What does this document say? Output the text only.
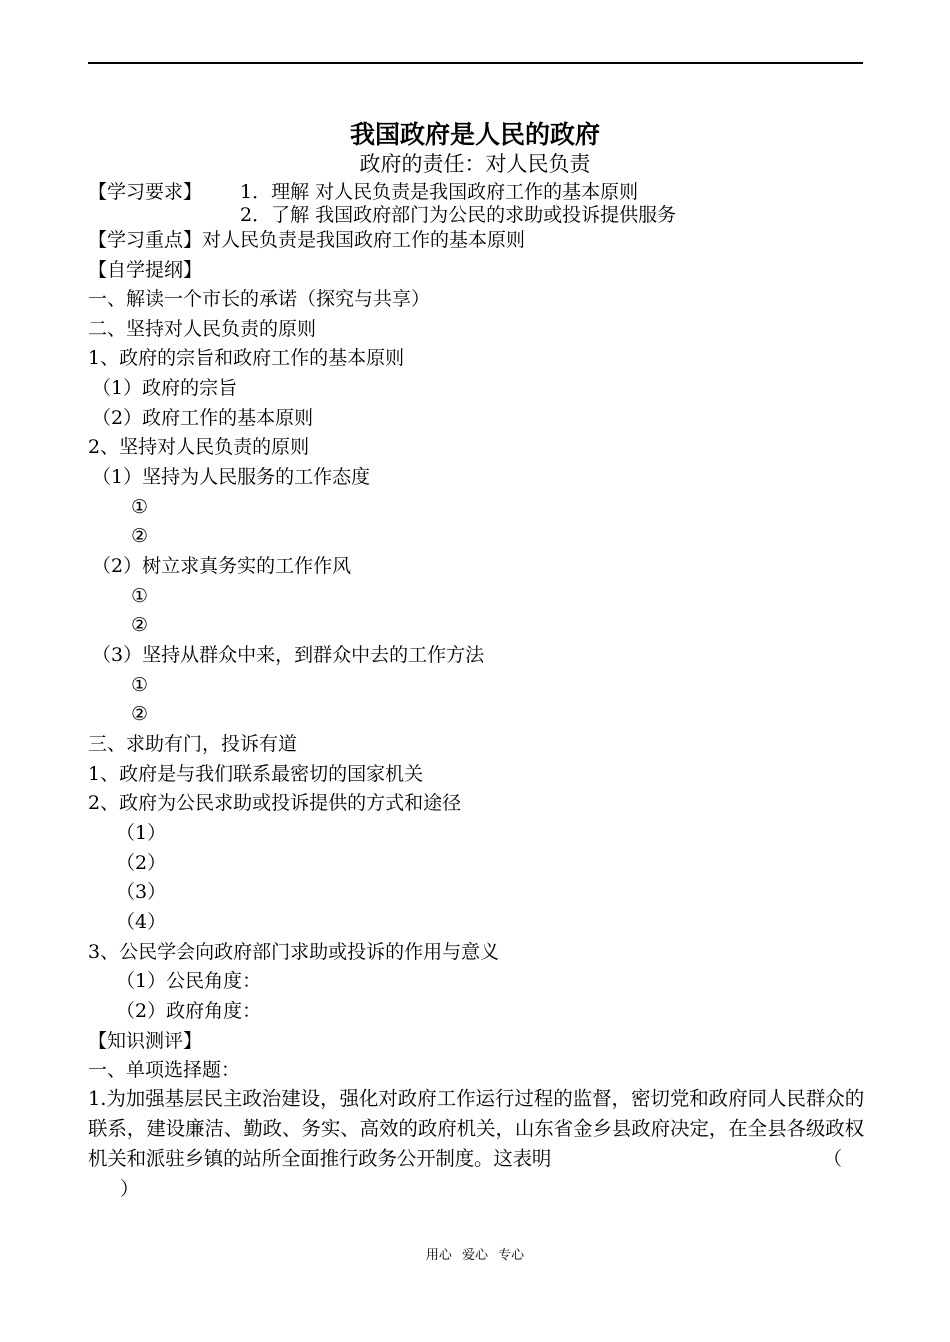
我国政府是人民的政府
政府的责任：对人民负责
【学习要求】 1．理解 对人民负责是我国政府工作的基本原则
2．了解 我国政府部门为公民的求助或投诉提供服务
【学习重点】对人民负责是我国政府工作的基本原则
【自学提纲】
一、解读一个市长的承诺（探究与共享）
二、坚持对人民负责的原则
1、政府的宗旨和政府工作的基本原则
（1）政府的宗旨
（2）政府工作的基本原则
2、坚持对人民负责的原则
（1）坚持为人民服务的工作态度
①
②
（2）树立求真务实的工作作风
①
②
（3）坚持从群众中来，到群众中去的工作方法
①
②
三、求助有门，投诉有道
1、政府是与我们联系最密切的国家机关
2、政府为公民求助或投诉提供的方式和途径
（1）
（2）
（3）
（4）
3、公民学会向政府部门求助或投诉的作用与意义
（1）公民角度：
（2）政府角度：
【知识测评】
一、单项选择题：
1.为加强基层民主政治建设，强化对政府工作运行过程的监督，密切党和政府同人民群众的联系，建设廉洁、勤政、务实、高效的政府机关，山东省金乡县政府决定，在全县各级政权机关和派驻乡镇的站所全面推行政务公开制度。这表明	（
）
用心 爱心 专心
